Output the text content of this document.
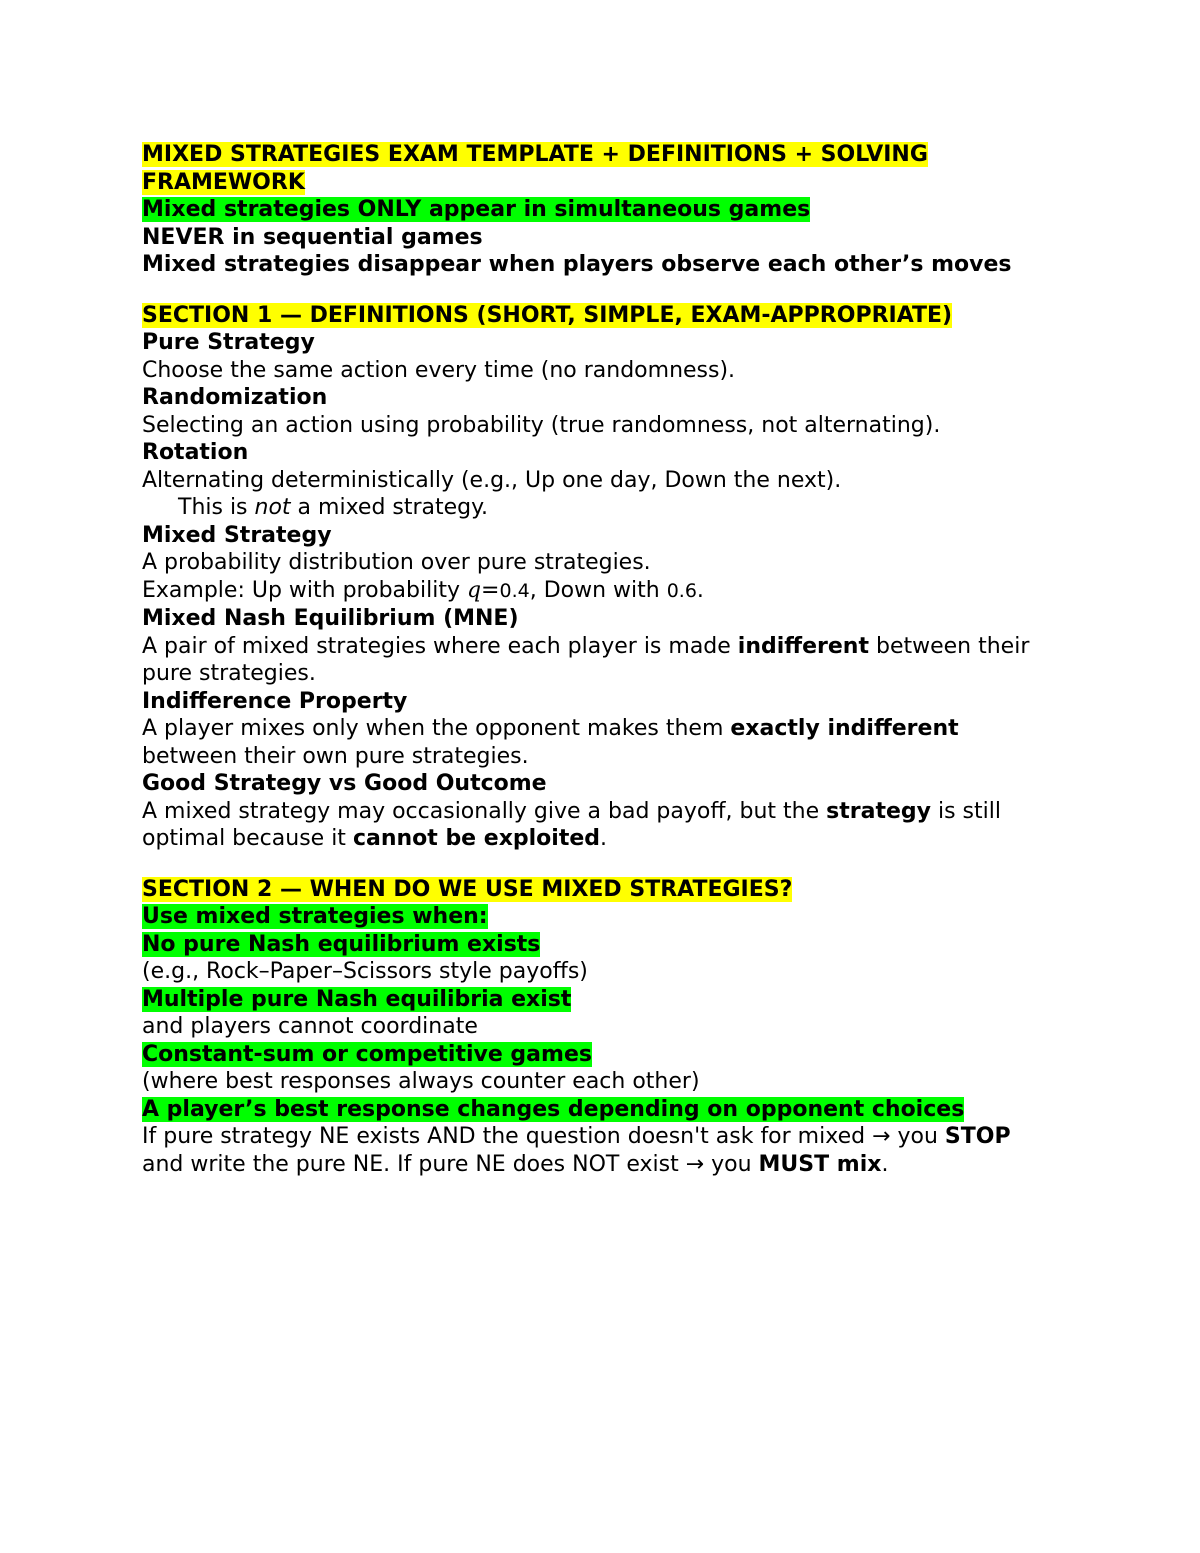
MIXED STRATEGIES EXAM TEMPLATE + DEFINITIONS + SOLVING FRAMEWORK

Mixed strategies ONLY appear in simultaneous games

NEVER in sequential games

Mixed strategies disappear when players observe each other’s moves

SECTION 1 — DEFINITIONS (SHORT, SIMPLE, EXAM-APPROPRIATE)

Pure Strategy

Choose the same action every time (no randomness).

Randomization

Selecting an action using probability (true randomness, not alternating).

Rotation

Alternating deterministically (e.g., Up one day, Down the next).

This is not a mixed strategy.

Mixed Strategy

A probability distribution over pure strategies.

Example: Up with probability q=0.4, Down with 0.6.

Mixed Nash Equilibrium (MNE)

A pair of mixed strategies where each player is made indifferent between their pure strategies.

Indifference Property

A player mixes only when the opponent makes them exactly indifferent between their own pure strategies.

Good Strategy vs Good Outcome

A mixed strategy may occasionally give a bad payoff, but the strategy is still optimal because it cannot be exploited.

SECTION 2 — WHEN DO WE USE MIXED STRATEGIES?

Use mixed strategies when:

No pure Nash equilibrium exists

(e.g., Rock–Paper–Scissors style payoffs)

Multiple pure Nash equilibria exist

and players cannot coordinate

Constant-sum or competitive games

(where best responses always counter each other)

A player’s best response changes depending on opponent choices

If pure strategy NE exists AND the question doesn't ask for mixed → you STOP and write the pure NE. If pure NE does NOT exist → you MUST mix.
